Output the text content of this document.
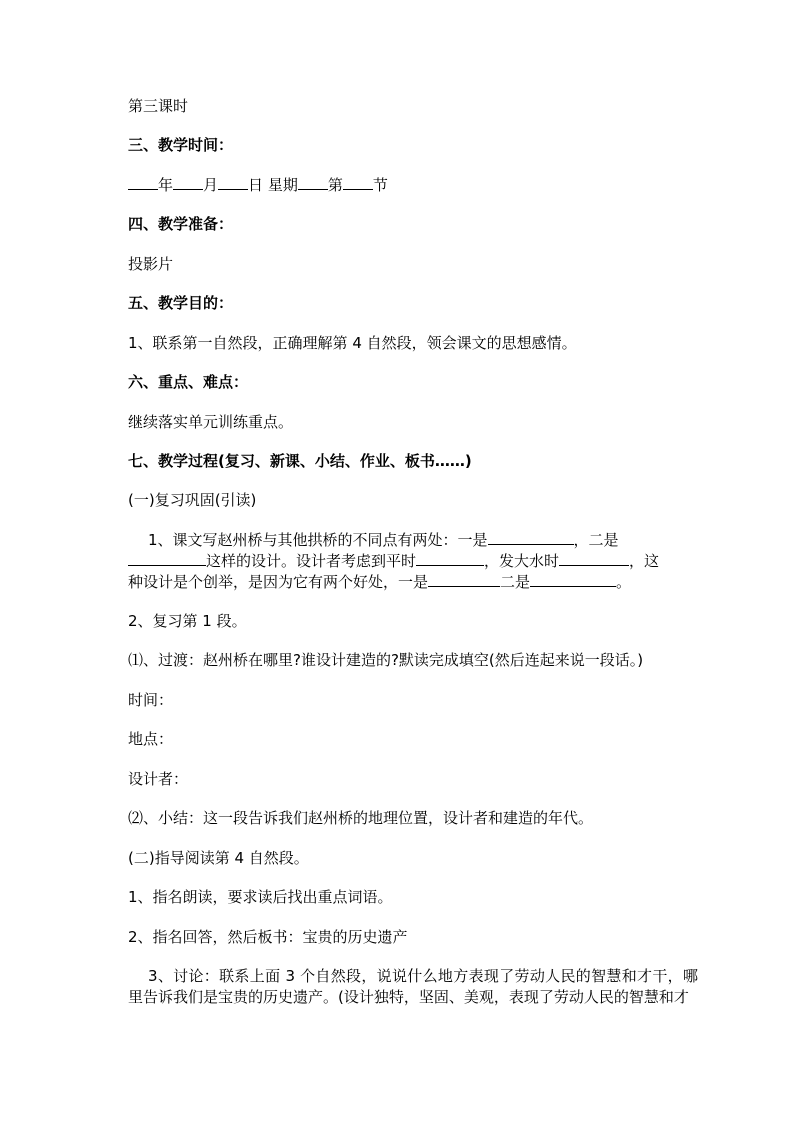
第三课时
三、教学时间：
年 月 日 星期 第 节
四、教学准备：
投影片
五、教学目的：
1、联系第一自然段，正确理解第 4 自然段，领会课文的思想感情。
六、重点、难点：
继续落实单元训练重点。
七、教学过程(复习、新课、小结、作业、板书……)
(一)复习巩固(引读)
1、课文写赵州桥与其他拱桥的不同点有两处：一是	，二是
这样的设计。设计者考虑到平时	，发大水时	，这
种设计是个创举，是因为它有两个好处，一是	二是	。
2、复习第 1 段。
⑴、过渡：赵州桥在哪里?谁设计建造的?默读完成填空(然后连起来说一段话。)
时间：
地点：
设计者：
⑵、小结：这一段告诉我们赵州桥的地理位置，设计者和建造的年代。
(二)指导阅读第 4 自然段。
1、指名朗读，要求读后找出重点词语。
2、指名回答，然后板书：宝贵的历史遗产
3、讨论：联系上面 3 个自然段，说说什么地方表现了劳动人民的智慧和才干，哪里告诉我们是宝贵的历史遗产。(设计独特，坚固、美观，表现了劳动人民的智慧和才
